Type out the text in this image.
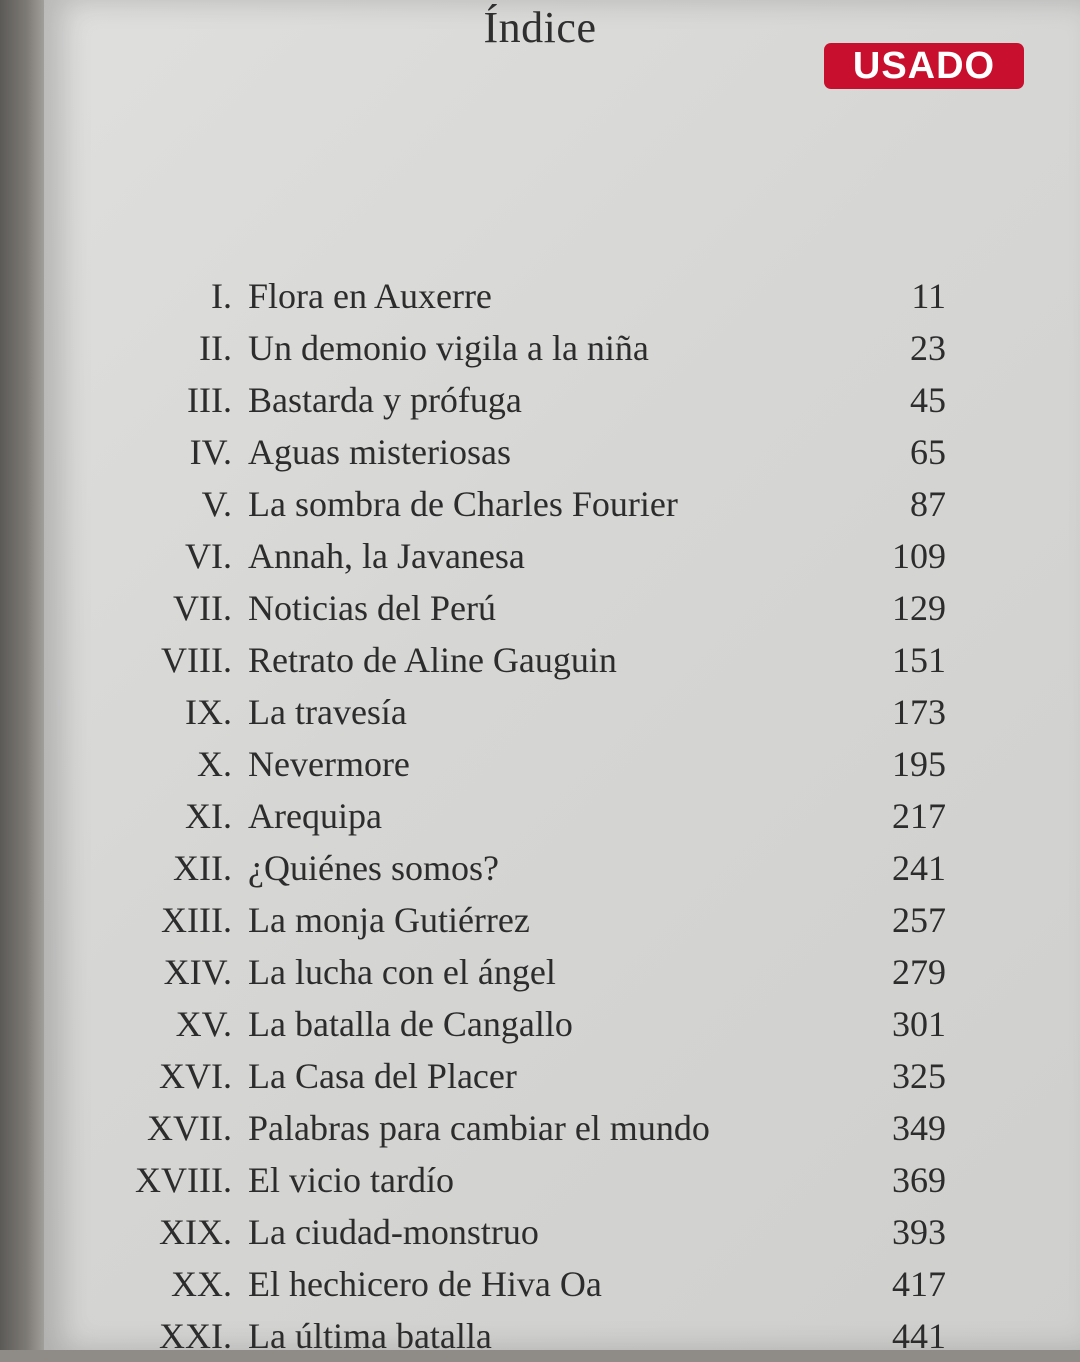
Índice
USADO
I. Flora en Auxerre	11
II. Un demonio vigila a la niña	23
III. Bastarda y prófuga	45
IV. Aguas misteriosas	65
V. La sombra de Charles Fourier	87
VI. Annah, la Javanesa	109
VII. Noticias del Perú	129
VIII. Retrato de Aline Gauguin	151
IX. La travesía	173
X. Nevermore	195
XI. Arequipa	217
XII. ¿Quiénes somos?	241
XIII. La monja Gutiérrez	257
XIV. La lucha con el ángel	279
XV. La batalla de Cangallo	301
XVI. La Casa del Placer	325
XVII. Palabras para cambiar el mundo	349
XVIII. El vicio tardío	369
XIX. La ciudad-monstruo	393
XX. El hechicero de Hiva Oa	417
XXI. La última batalla	441
